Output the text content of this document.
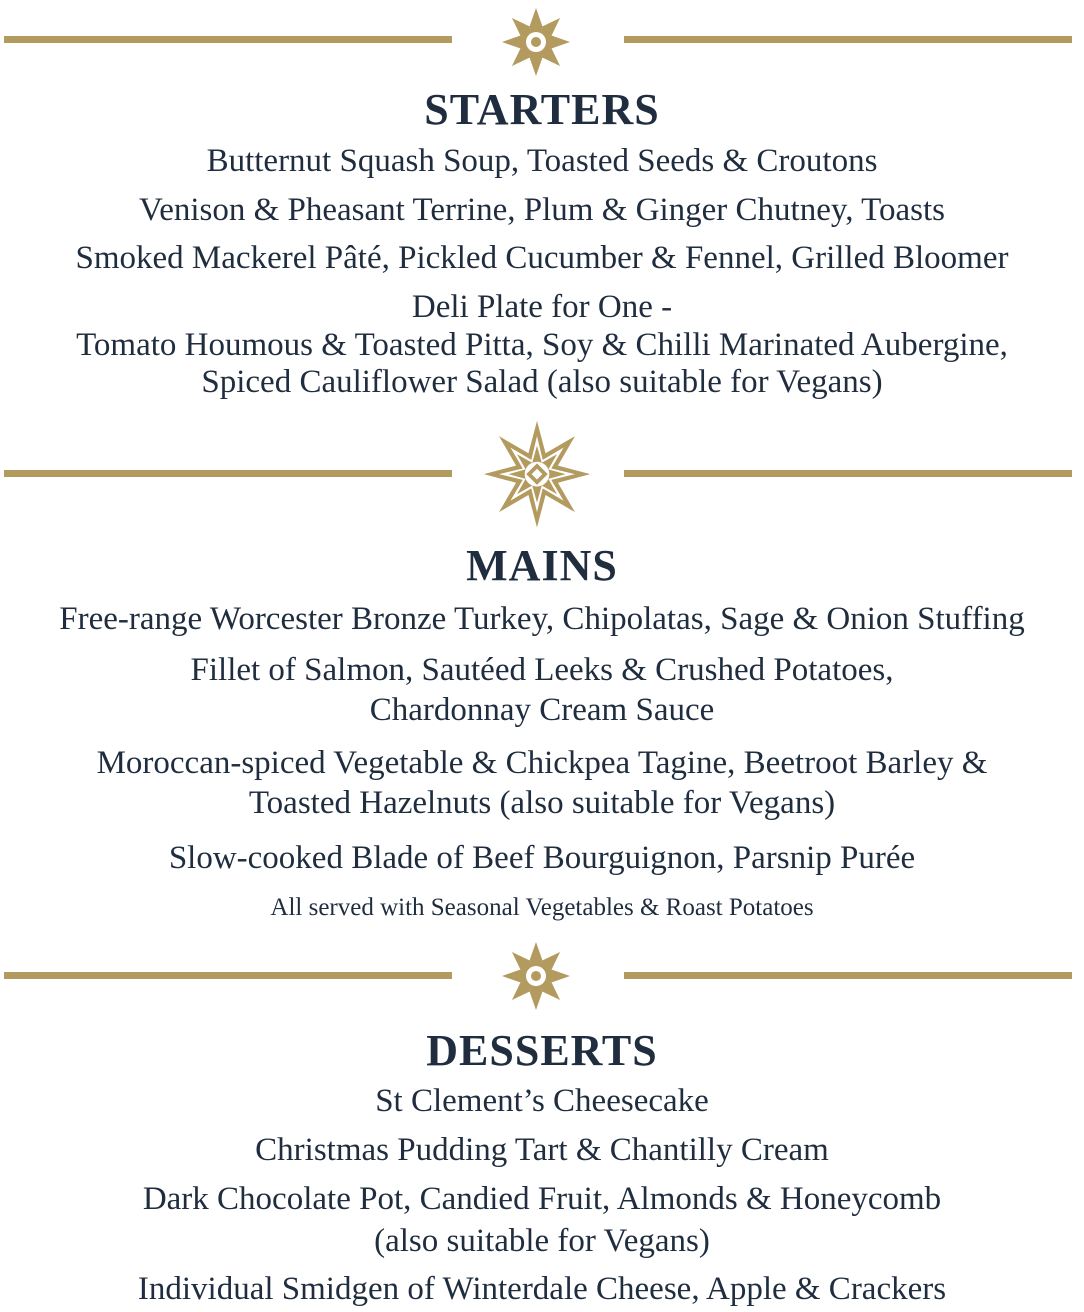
STARTERS
Butternut Squash Soup, Toasted Seeds & Croutons
Venison & Pheasant Terrine, Plum & Ginger Chutney, Toasts
Smoked Mackerel Pâté, Pickled Cucumber & Fennel, Grilled Bloomer
Deli Plate for One -
Tomato Houmous & Toasted Pitta, Soy & Chilli Marinated Aubergine,
Spiced Cauliflower Salad (also suitable for Vegans)
MAINS
Free-range Worcester Bronze Turkey, Chipolatas, Sage & Onion Stuffing
Fillet of Salmon, Sautéed Leeks & Crushed Potatoes,
Chardonnay Cream Sauce
Moroccan-spiced Vegetable & Chickpea Tagine, Beetroot Barley &
Toasted Hazelnuts (also suitable for Vegans)
Slow-cooked Blade of Beef Bourguignon, Parsnip Purée
All served with Seasonal Vegetables & Roast Potatoes
DESSERTS
St Clement’s Cheesecake
Christmas Pudding Tart & Chantilly Cream
Dark Chocolate Pot, Candied Fruit, Almonds & Honeycomb
(also suitable for Vegans)
Individual Smidgen of Winterdale Cheese, Apple & Crackers
